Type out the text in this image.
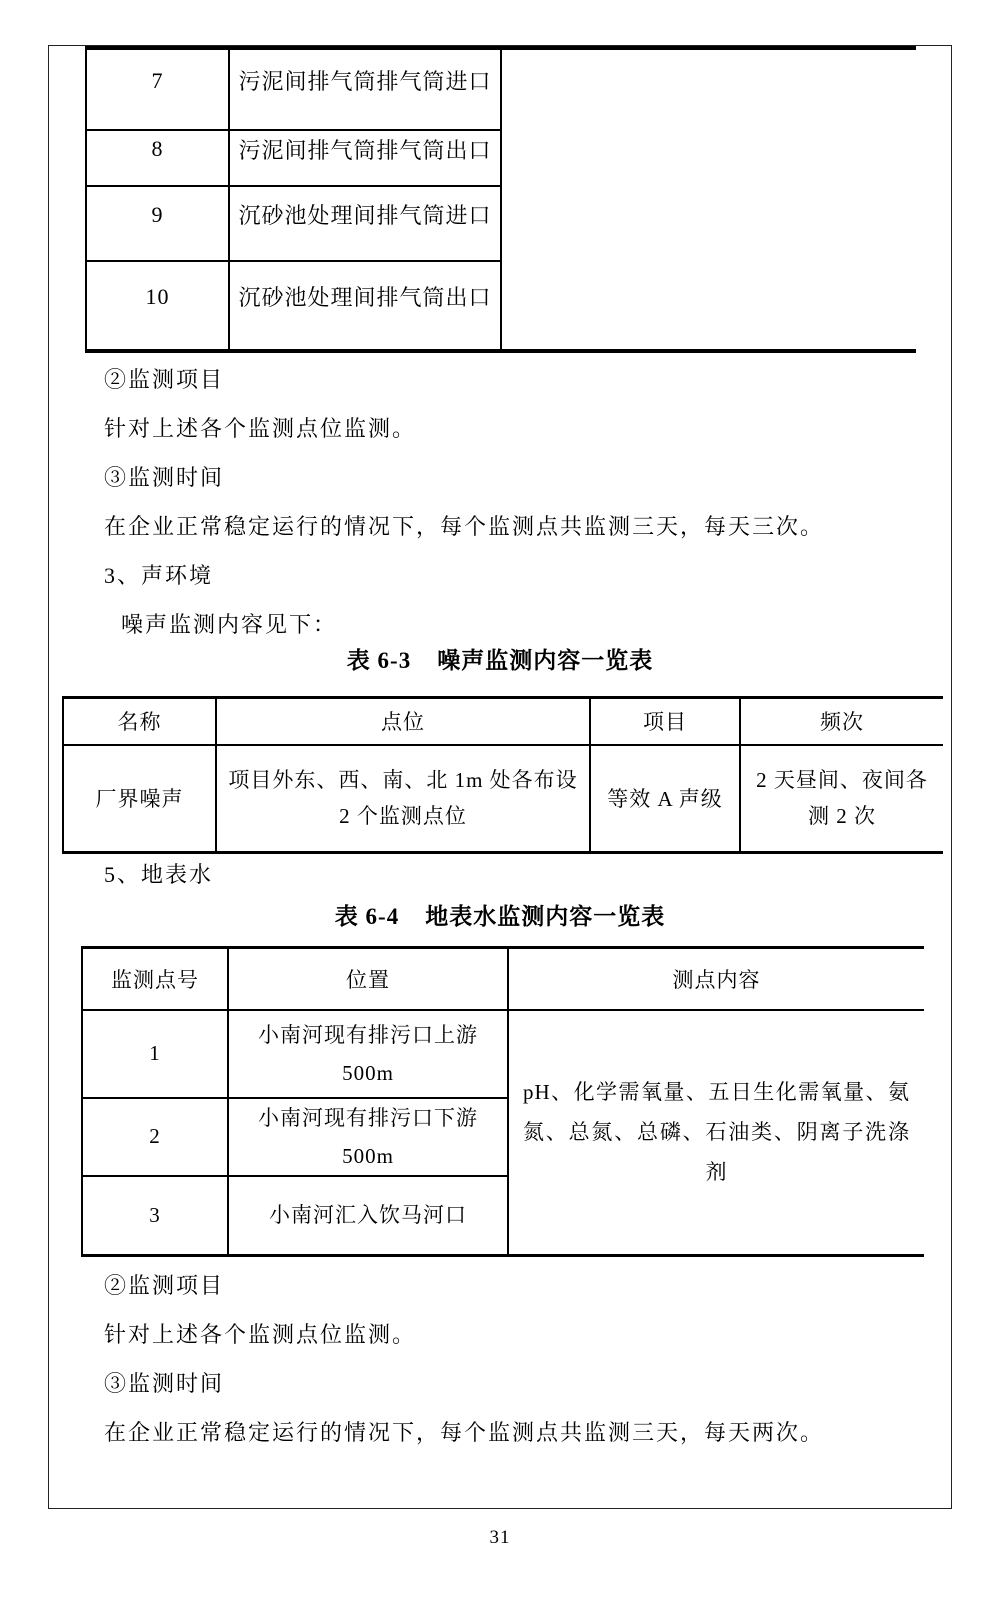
7	污泥间排气筒排气筒进口	
8	污泥间排气筒排气筒出口	
9	沉砂池处理间排气筒进口	
10	沉砂池处理间排气筒出口	

②监测项目

针对上述各个监测点位监测。

③监测时间

在企业正常稳定运行的情况下，每个监测点共监测三天，每天三次。

3、声环境

噪声监测内容见下：

表 6-3 噪声监测内容一览表
名称	点位	项目	频次
厂界噪声	项目外东、西、南、北 1m 处各布设 2 个监测点位	等效 A 声级	2 天昼间、夜间各测 2 次

5、地表水

表 6-4 地表水监测内容一览表
监测点号	位置	测点内容
1	小南河现有排污口上游 500m	pH、化学需氧量、五日生化需氧量、氨氮、总氮、总磷、石油类、阴离子洗涤剂
2	小南河现有排污口下游 500m	

3	小南河汇入饮马河口	

②监测项目

针对上述各个监测点位监测。

③监测时间

在企业正常稳定运行的情况下，每个监测点共监测三天，每天两次。

31
